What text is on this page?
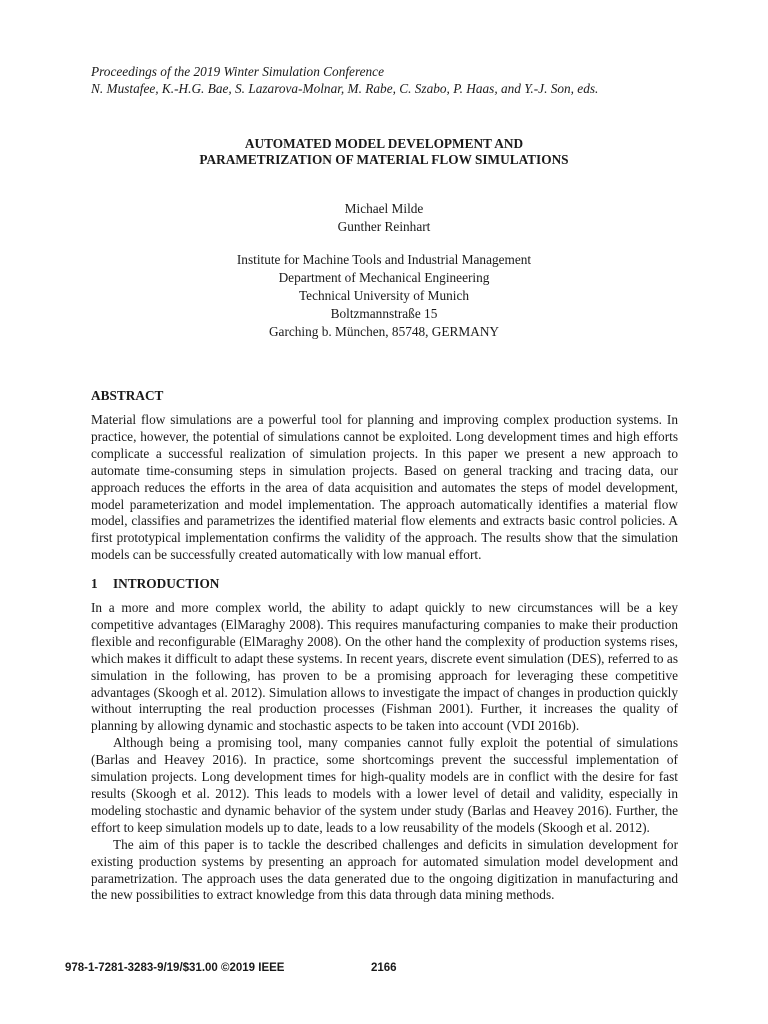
Proceedings of the 2019 Winter Simulation Conference
N. Mustafee, K.-H.G. Bae, S. Lazarova-Molnar, M. Rabe, C. Szabo, P. Haas, and Y.-J. Son, eds.
AUTOMATED MODEL DEVELOPMENT AND
PARAMETRIZATION OF MATERIAL FLOW SIMULATIONS
Michael Milde
Gunther Reinhart
Institute for Machine Tools and Industrial Management
Department of Mechanical Engineering
Technical University of Munich
Boltzmannstraße 15
Garching b. München, 85748, GERMANY
ABSTRACT

Material flow simulations are a powerful tool for planning and improving complex production systems. In practice, however, the potential of simulations cannot be exploited. Long development times and high efforts complicate a successful realization of simulation projects. In this paper we present a new approach to automate time-consuming steps in simulation projects. Based on general tracking and tracing data, our approach reduces the efforts in the area of data acquisition and automates the steps of model development, model parameterization and model implementation. The approach automatically identifies a material flow model, classifies and parametrizes the identified material flow elements and extracts basic control policies. A first prototypical implementation confirms the validity of the approach. The results show that the simulation models can be successfully created automatically with low manual effort.

1 INTRODUCTION

In a more and more complex world, the ability to adapt quickly to new circumstances will be a key competitive advantages (ElMaraghy 2008). This requires manufacturing companies to make their production flexible and reconfigurable (ElMaraghy 2008). On the other hand the complexity of production systems rises, which makes it difficult to adapt these systems. In recent years, discrete event simulation (DES), referred to as simulation in the following, has proven to be a promising approach for leveraging these competitive advantages (Skoogh et al. 2012). Simulation allows to investigate the impact of changes in production quickly without interrupting the real production processes (Fishman 2001). Further, it increases the quality of planning by allowing dynamic and stochastic aspects to be taken into account (VDI 2016b).

Although being a promising tool, many companies cannot fully exploit the potential of simulations (Barlas and Heavey 2016). In practice, some shortcomings prevent the successful implementation of simulation projects. Long development times for high-quality models are in conflict with the desire for fast results (Skoogh et al. 2012). This leads to models with a lower level of detail and validity, especially in modeling stochastic and dynamic behavior of the system under study (Barlas and Heavey 2016). Further, the effort to keep simulation models up to date, leads to a low reusability of the models (Skoogh et al. 2012).

The aim of this paper is to tackle the described challenges and deficits in simulation development for existing production systems by presenting an approach for automated simulation model development and parametrization. The approach uses the data generated due to the ongoing digitization in manufacturing and the new possibilities to extract knowledge from this data through data mining methods.

978-1-7281-3283-9/19/$31.00 ©2019 IEEE	2166
